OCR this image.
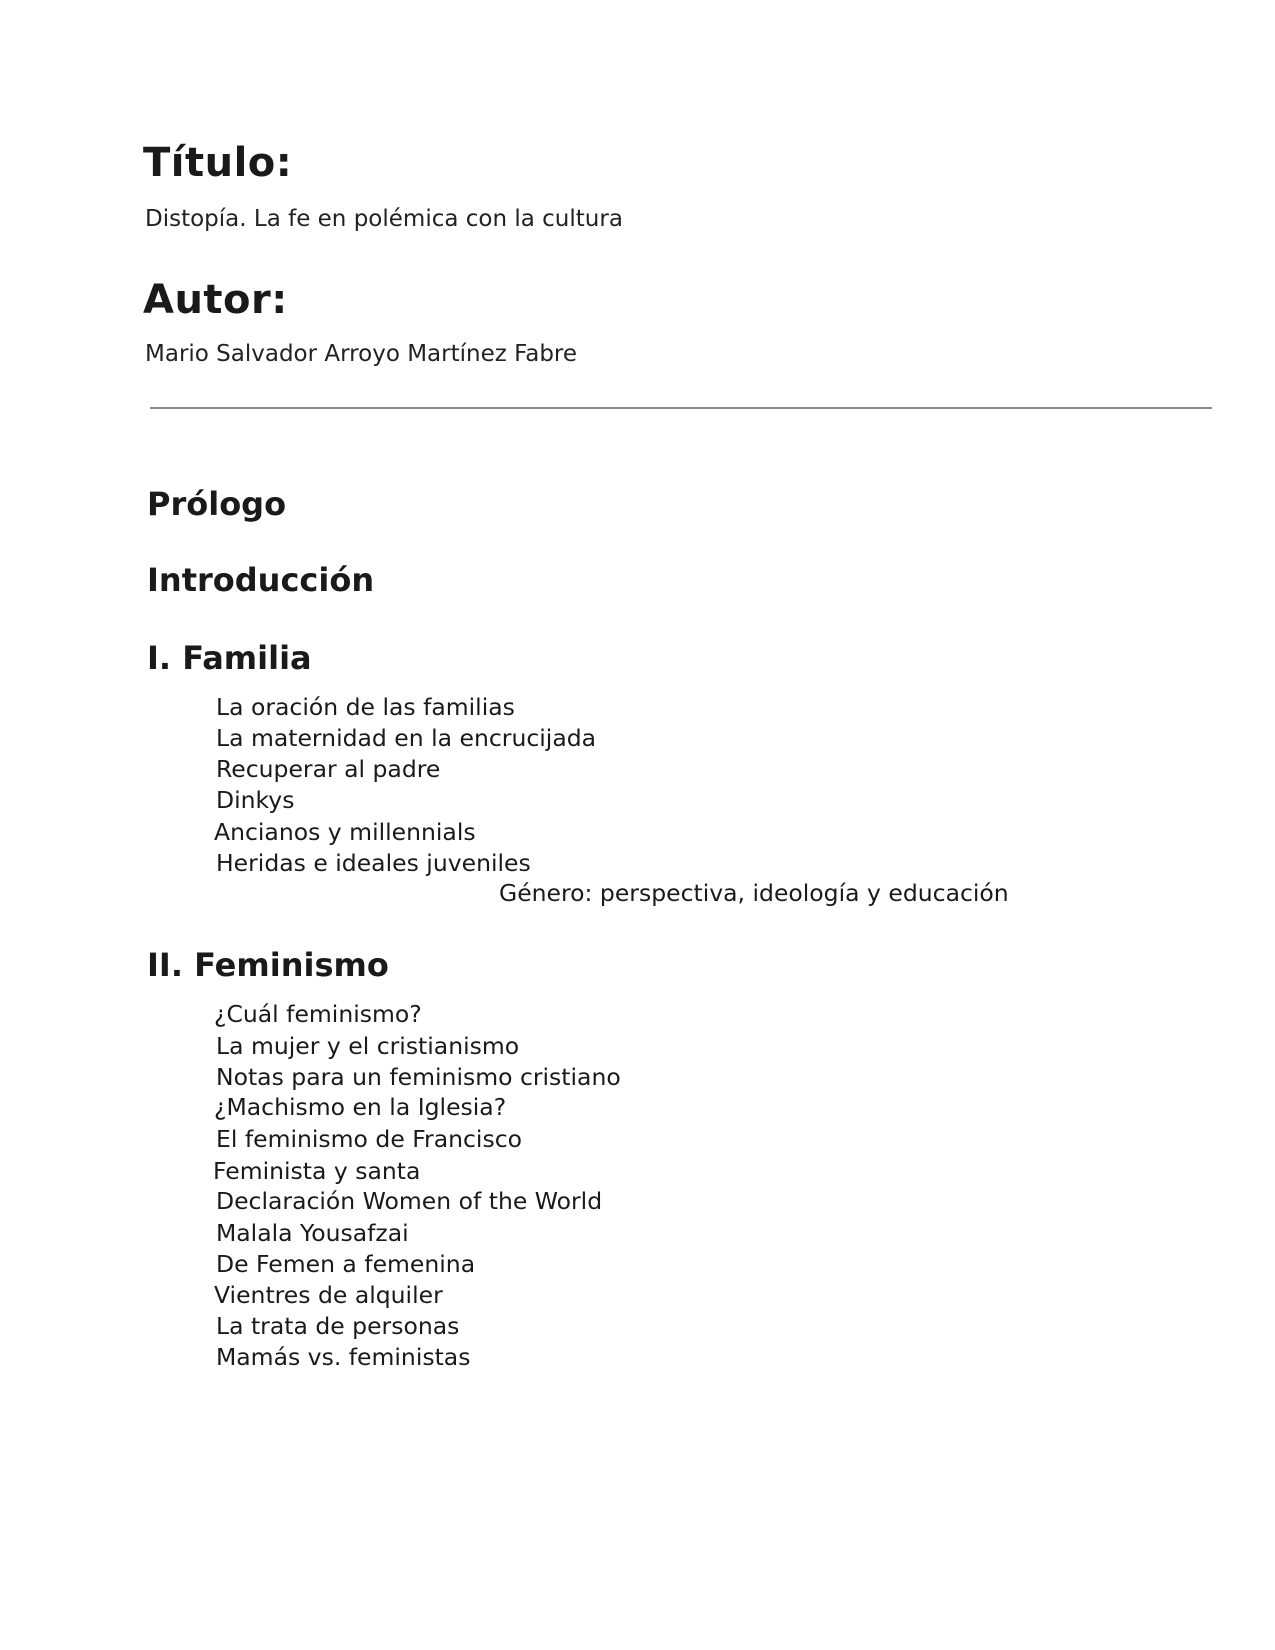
Título:

Distopía. La fe en polémica con la cultura

Autor:

Mario Salvador Arroyo Martínez Fabre

Prólogo
Introducción
I. Familia
La oración de las familias
La maternidad en la encrucijada
Recuperar al padre
Dinkys
Ancianos y millennials
Heridas e ideales juveniles
Género: perspectiva, ideología y educación
II. Feminismo
¿Cuál feminismo?
La mujer y el cristianismo
Notas para un feminismo cristiano
¿Machismo en la Iglesia?
El feminismo de Francisco
Feminista y santa
Declaración Women of the World
Malala Yousafzai
De Femen a femenina
Vientres de alquiler
La trata de personas
Mamás vs. feministas
